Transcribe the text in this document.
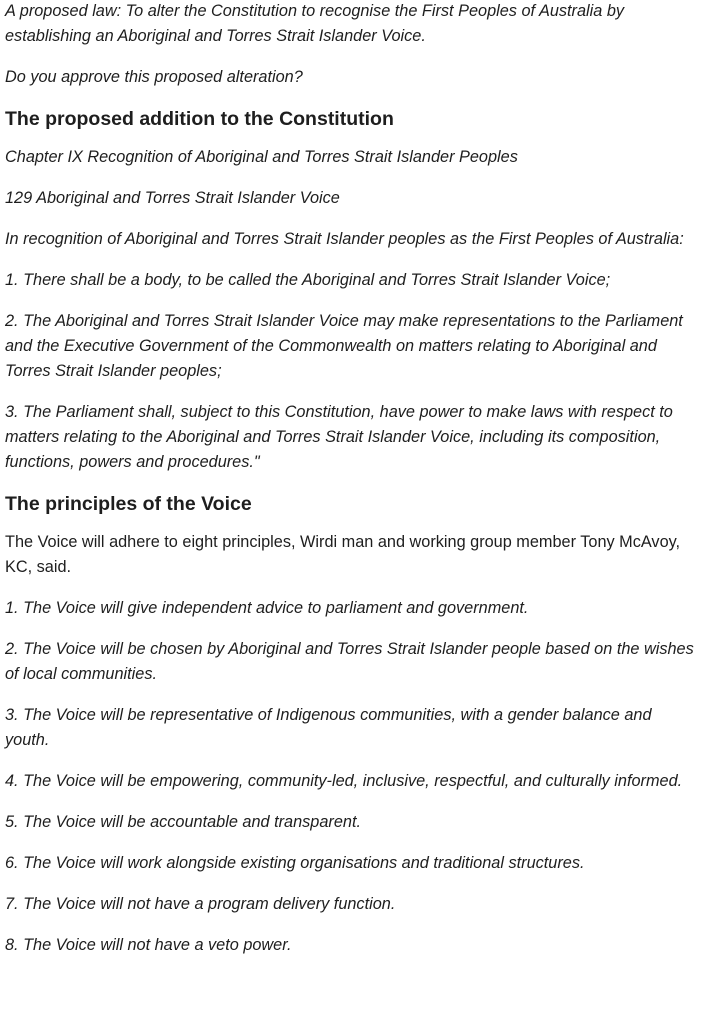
A proposed law: To alter the Constitution to recognise the First Peoples of Australia by establishing an Aboriginal and Torres Strait Islander Voice.

Do you approve this proposed alteration?

The proposed addition to the Constitution

Chapter IX Recognition of Aboriginal and Torres Strait Islander Peoples

129 Aboriginal and Torres Strait Islander Voice

In recognition of Aboriginal and Torres Strait Islander peoples as the First Peoples of Australia:

1. There shall be a body, to be called the Aboriginal and Torres Strait Islander Voice;

2. The Aboriginal and Torres Strait Islander Voice may make representations to the Parliament and the Executive Government of the Commonwealth on matters relating to Aboriginal and Torres Strait Islander peoples;

3. The Parliament shall, subject to this Constitution, have power to make laws with respect to matters relating to the Aboriginal and Torres Strait Islander Voice, including its composition, functions, powers and procedures."

The principles of the Voice

The Voice will adhere to eight principles, Wirdi man and working group member Tony McAvoy, KC, said.

1. The Voice will give independent advice to parliament and government.

2. The Voice will be chosen by Aboriginal and Torres Strait Islander people based on the wishes of local communities.

3. The Voice will be representative of Indigenous communities, with a gender balance and youth.

4. The Voice will be empowering, community-led, inclusive, respectful, and culturally informed.

5. The Voice will be accountable and transparent.

6. The Voice will work alongside existing organisations and traditional structures.

7. The Voice will not have a program delivery function.

8. The Voice will not have a veto power.
